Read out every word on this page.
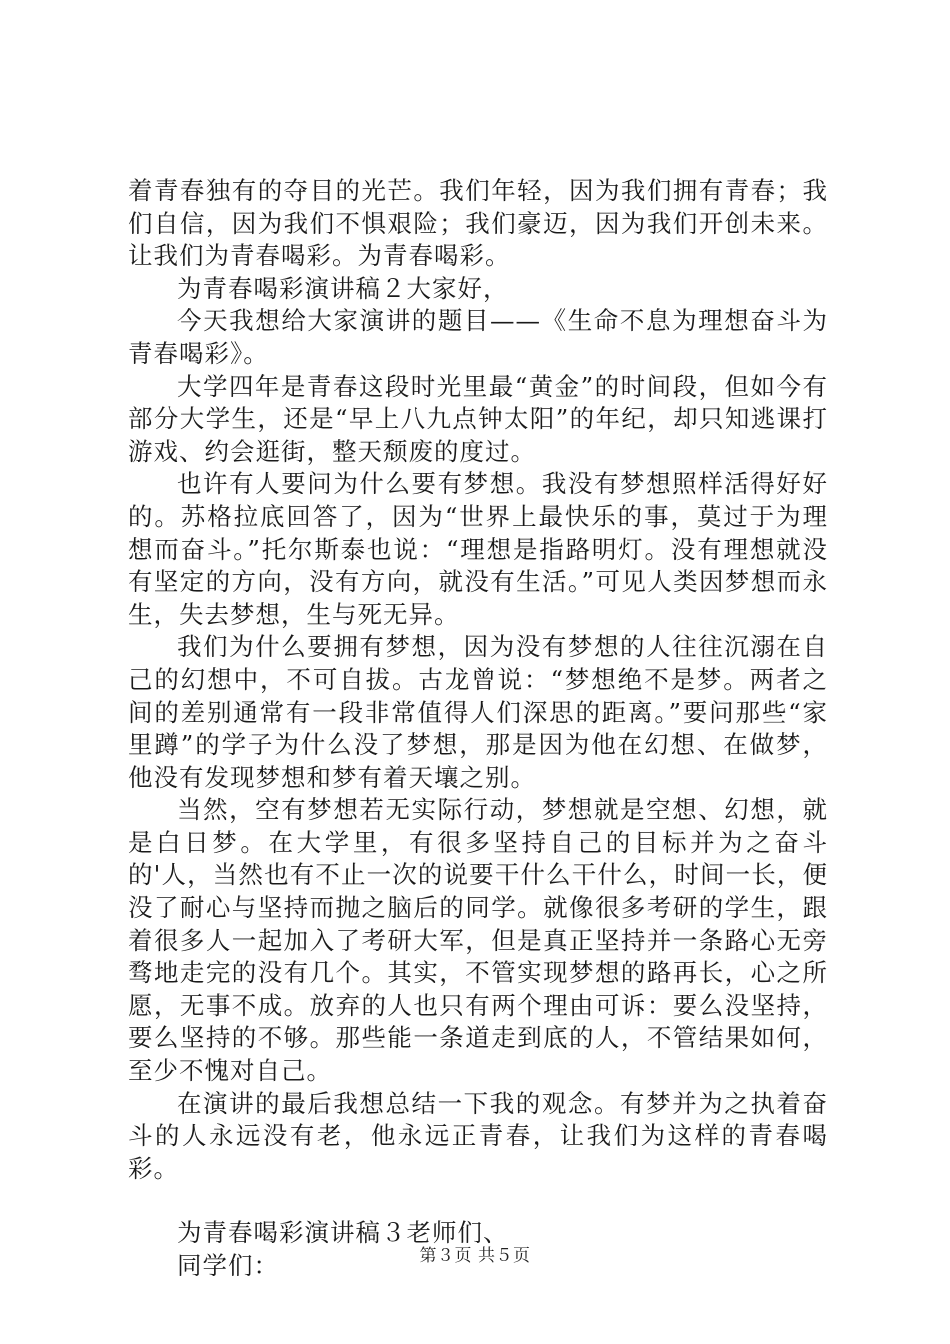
着青春独有的夺目的光芒。我们年轻，因为我们拥有青春；我们自信，因为我们不惧艰险；我们豪迈，因为我们开创未来。让我们为青春喝彩。为青春喝彩。

为青春喝彩演讲稿２大家好，

今天我想给大家演讲的题目——《生命不息为理想奋斗为青春喝彩》。

大学四年是青春这段时光里最“黄金”的时间段，但如今有部分大学生，还是“早上八九点钟太阳”的年纪，却只知逃课打游戏、约会逛街，整天颓废的度过。

也许有人要问为什么要有梦想。我没有梦想照样活得好好的。苏格拉底回答了，因为“世界上最快乐的事，莫过于为理想而奋斗。”托尔斯泰也说：“理想是指路明灯。没有理想就没有坚定的方向，没有方向，就没有生活。”可见人类因梦想而永生，失去梦想，生与死无异。

我们为什么要拥有梦想，因为没有梦想的人往往沉溺在自己的幻想中，不可自拔。古龙曾说：“梦想绝不是梦。两者之间的差别通常有一段非常值得人们深思的距离。”要问那些“家里蹲”的学子为什么没了梦想，那是因为他在幻想、在做梦，他没有发现梦想和梦有着天壤之别。

当然，空有梦想若无实际行动，梦想就是空想、幻想，就是白日梦。在大学里，有很多坚持自己的目标并为之奋斗的'人，当然也有不止一次的说要干什么干什么，时间一长，便没了耐心与坚持而抛之脑后的同学。就像很多考研的学生，跟着很多人一起加入了考研大军，但是真正坚持并一条路心无旁骛地走完的没有几个。其实，不管实现梦想的路再长，心之所愿，无事不成。放弃的人也只有两个理由可诉：要么没坚持，要么坚持的不够。那些能一条道走到底的人，不管结果如何，至少不愧对自己。

在演讲的最后我想总结一下我的观念。有梦并为之执着奋斗的人永远没有老，他永远正青春，让我们为这样的青春喝彩。

为青春喝彩演讲稿３老师们、

同学们：	第３页 共５页
